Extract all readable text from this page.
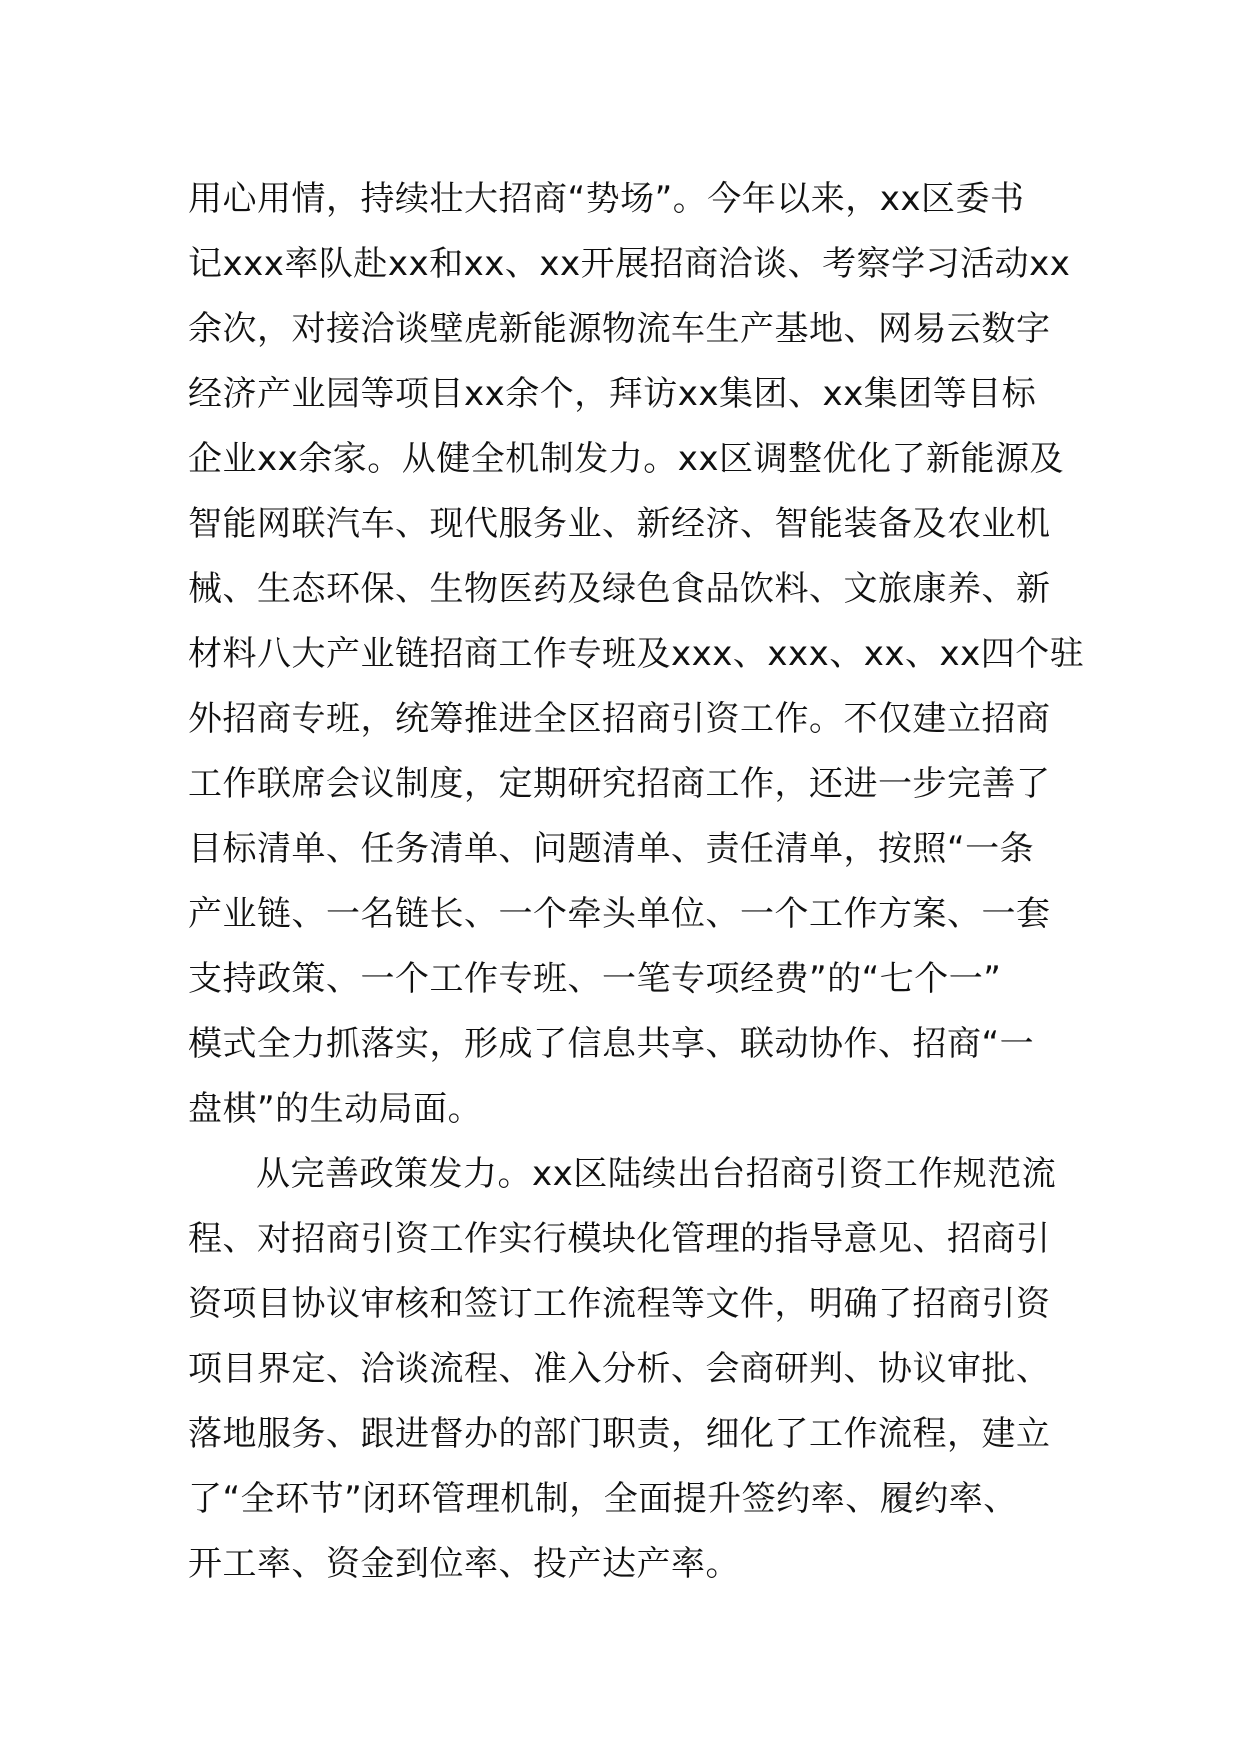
用心用情，持续壮大招商“势场”。今年以来，xx区委书
记xxx率队赴xx和xx、xx开展招商洽谈、考察学习活动xx
余次，对接洽谈壁虎新能源物流车生产基地、网易云数字
经济产业园等项目xx余个，拜访xx集团、xx集团等目标
企业xx余家。从健全机制发力。xx区调整优化了新能源及
智能网联汽车、现代服务业、新经济、智能装备及农业机
械、生态环保、生物医药及绿色食品饮料、文旅康养、新
材料八大产业链招商工作专班及xxx、xxx、xx、xx四个驻
外招商专班，统筹推进全区招商引资工作。不仅建立招商
工作联席会议制度，定期研究招商工作，还进一步完善了
目标清单、任务清单、问题清单、责任清单，按照“一条
产业链、一名链长、一个牵头单位、一个工作方案、一套
支持政策、一个工作专班、一笔专项经费”的“七个一”
模式全力抓落实，形成了信息共享、联动协作、招商“一
盘棋”的生动局面。
从完善政策发力。xx区陆续出台招商引资工作规范流
程、对招商引资工作实行模块化管理的指导意见、招商引
资项目协议审核和签订工作流程等文件，明确了招商引资
项目界定、洽谈流程、准入分析、会商研判、协议审批、
落地服务、跟进督办的部门职责，细化了工作流程，建立
了“全环节”闭环管理机制，全面提升签约率、履约率、
开工率、资金到位率、投产达产率。
